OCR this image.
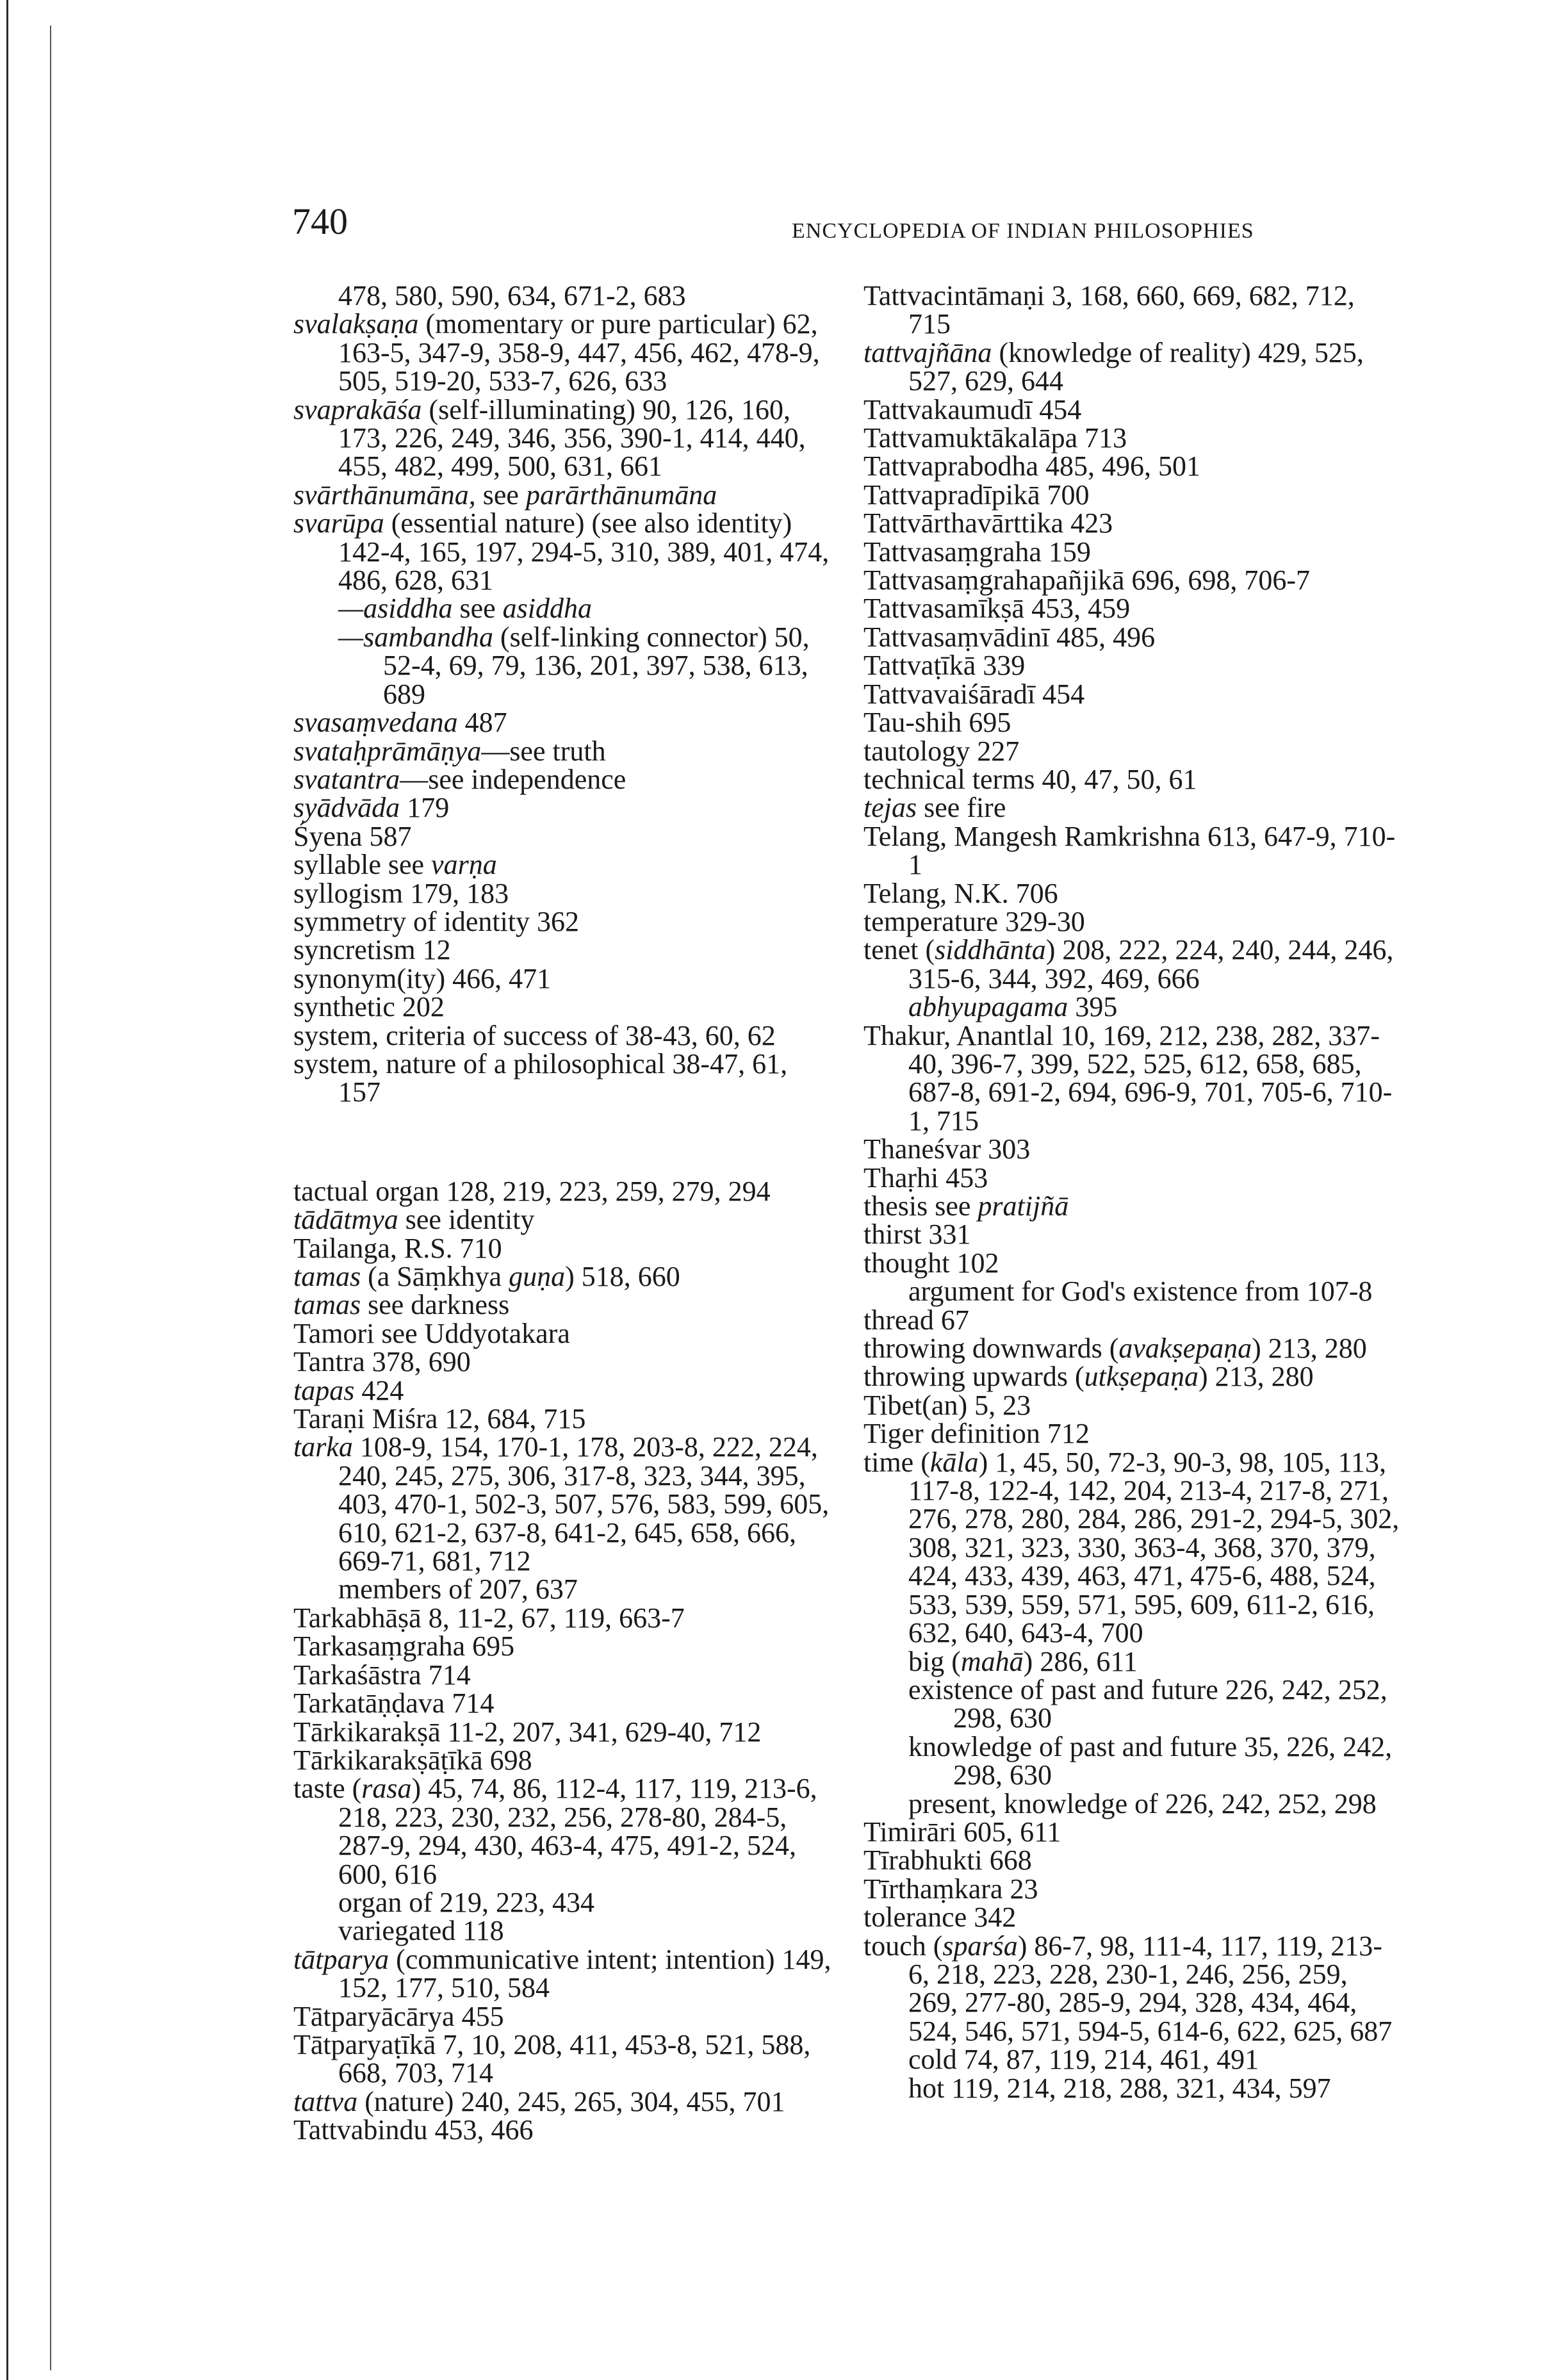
740	ENCYCLOPEDIA OF INDIAN PHILOSOPHIES
478, 580, 590, 634, 671-2, 683
svalakṣaṇa (momentary or pure particular) 62, 163-5, 347-9, 358-9, 447, 456, 462, 478-9, 505, 519-20, 533-7, 626, 633
svaprakāśa (self-illuminating) 90, 126, 160, 173, 226, 249, 346, 356, 390-1, 414, 440, 455, 482, 499, 500, 631, 661
svārthānumāna, see parārthānumāna
svarūpa (essential nature) (see also identity) 142-4, 165, 197, 294-5, 310, 389, 401, 474, 486, 628, 631
—asiddha see asiddha
—sambandha (self-linking connector) 50, 52-4, 69, 79, 136, 201, 397, 538, 613, 689
svasaṃvedana 487
svataḥprāmāṇya—see truth
svatantra—see independence
syādvāda 179
Śyena 587
syllable see varṇa
syllogism 179, 183
symmetry of identity 362
syncretism 12
synonym(ity) 466, 471
synthetic 202
system, criteria of success of 38-43, 60, 62
system, nature of a philosophical 38-47, 61, 157
tactual organ 128, 219, 223, 259, 279, 294
tādātmya see identity
Tailanga, R.S. 710
tamas (a Sāṃkhya guṇa) 518, 660
tamas see darkness
Tamori see Uddyotakara
Tantra 378, 690
tapas 424
Taraṇi Miśra 12, 684, 715
tarka 108-9, 154, 170-1, 178, 203-8, 222, 224, 240, 245, 275, 306, 317-8, 323, 344, 395, 403, 470-1, 502-3, 507, 576, 583, 599, 605, 610, 621-2, 637-8, 641-2, 645, 658, 666, 669-71, 681, 712
members of 207, 637
Tarkabhāṣā 8, 11-2, 67, 119, 663-7
Tarkasaṃgraha 695
Tarkaśāstra 714
Tarkatāṇḍava 714
Tārkikarakṣā 11-2, 207, 341, 629-40, 712
Tārkikarakṣāṭīkā 698
taste (rasa) 45, 74, 86, 112-4, 117, 119, 213-6, 218, 223, 230, 232, 256, 278-80, 284-5, 287-9, 294, 430, 463-4, 475, 491-2, 524, 600, 616
organ of 219, 223, 434
variegated 118
tātparya (communicative intent; intention) 149, 152, 177, 510, 584
Tātparyācārya 455
Tātparyaṭīkā 7, 10, 208, 411, 453-8, 521, 588, 668, 703, 714
tattva (nature) 240, 245, 265, 304, 455, 701
Tattvabindu 453, 466
Tattvacintāmaṇi 3, 168, 660, 669, 682, 712, 715
tattvajñāna (knowledge of reality) 429, 525, 527, 629, 644
Tattvakaumudī 454
Tattvamuktākalāpa 713
Tattvaprabodha 485, 496, 501
Tattvapradīpikā 700
Tattvārthavārttika 423
Tattvasaṃgraha 159
Tattvasaṃgrahapañjikā 696, 698, 706-7
Tattvasamīkṣā 453, 459
Tattvasaṃvādinī 485, 496
Tattvaṭīkā 339
Tattvavaiśāradī 454
Tau-shih 695
tautology 227
technical terms 40, 47, 50, 61
tejas see fire
Telang, Mangesh Ramkrishna 613, 647-9, 710-1
Telang, N.K. 706
temperature 329-30
tenet (siddhānta) 208, 222, 224, 240, 244, 246, 315-6, 344, 392, 469, 666
abhyupagama 395
Thakur, Anantlal 10, 169, 212, 238, 282, 337-40, 396-7, 399, 522, 525, 612, 658, 685, 687-8, 691-2, 694, 696-9, 701, 705-6, 710-1, 715
Thaneśvar 303
Thaṛhi 453
thesis see pratijñā
thirst 331
thought 102
argument for God's existence from 107-8
thread 67
throwing downwards (avakṣepaṇa) 213, 280
throwing upwards (utkṣepaṇa) 213, 280
Tibet(an) 5, 23
Tiger definition 712
time (kāla) 1, 45, 50, 72-3, 90-3, 98, 105, 113, 117-8, 122-4, 142, 204, 213-4, 217-8, 271, 276, 278, 280, 284, 286, 291-2, 294-5, 302, 308, 321, 323, 330, 363-4, 368, 370, 379, 424, 433, 439, 463, 471, 475-6, 488, 524, 533, 539, 559, 571, 595, 609, 611-2, 616, 632, 640, 643-4, 700
big (mahā) 286, 611
existence of past and future 226, 242, 252, 298, 630
knowledge of past and future 35, 226, 242, 298, 630
present, knowledge of 226, 242, 252, 298
Timirāri 605, 611
Tīrabhukti 668
Tīrthaṃkara 23
tolerance 342
touch (sparśa) 86-7, 98, 111-4, 117, 119, 213-6, 218, 223, 228, 230-1, 246, 256, 259, 269, 277-80, 285-9, 294, 328, 434, 464, 524, 546, 571, 594-5, 614-6, 622, 625, 687
cold 74, 87, 119, 214, 461, 491
hot 119, 214, 218, 288, 321, 434, 597
